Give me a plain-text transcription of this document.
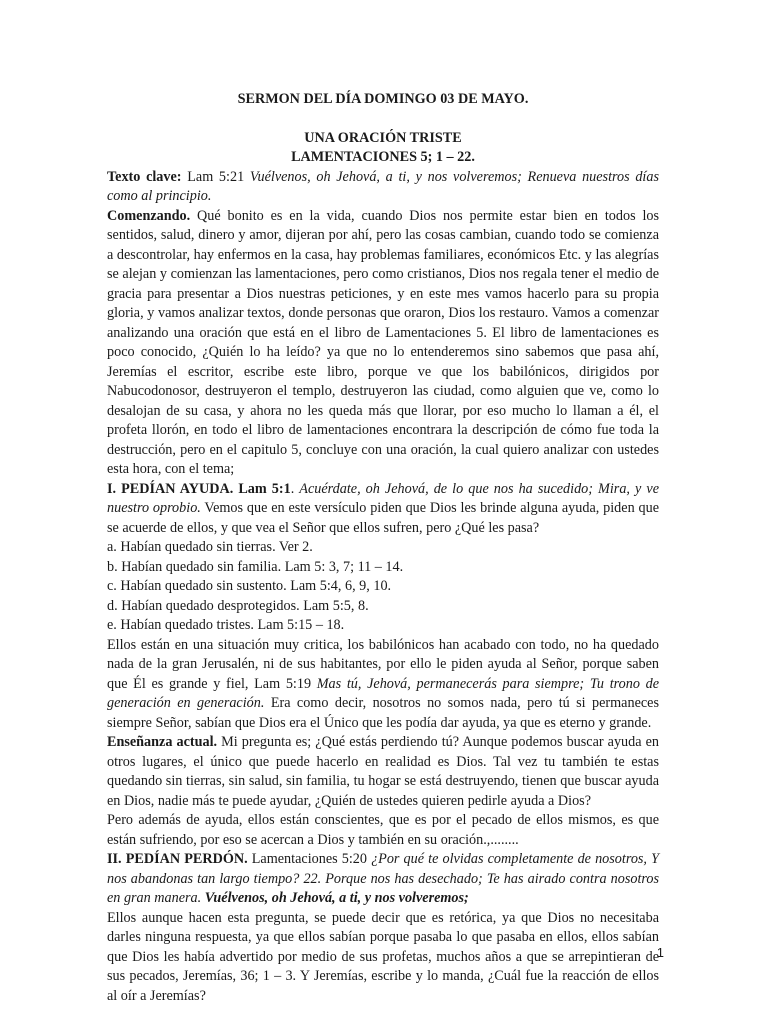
SERMON DEL DÍA DOMINGO 03 DE MAYO.
UNA ORACIÓN TRISTE
LAMENTACIONES 5; 1 – 22.

Texto clave: Lam 5:21 Vuélvenos, oh Jehová, a ti, y nos volveremos; Renueva nuestros días como al principio.

Comenzando. Qué bonito es en la vida, cuando Dios nos permite estar bien en todos los sentidos, salud, dinero y amor, dijeran por ahí, pero las cosas cambian, cuando todo se comienza a descontrolar, hay enfermos en la casa, hay problemas familiares, económicos Etc. y las alegrías se alejan y comienzan las lamentaciones, pero como cristianos, Dios nos regala tener el medio de gracia para presentar a Dios nuestras peticiones, y en este mes vamos hacerlo para su propia gloria, y vamos analizar textos, donde personas que oraron, Dios los restauro. Vamos a comenzar analizando una oración que está en el libro de Lamentaciones 5. El libro de lamentaciones es poco conocido, ¿Quién lo ha leído? ya que no lo entenderemos sino sabemos que pasa ahí, Jeremías el escritor, escribe este libro, porque ve que los babilónicos, dirigidos por Nabucodonosor, destruyeron el templo, destruyeron las ciudad, como alguien que ve, como lo desalojan de su casa, y ahora no les queda más que llorar, por eso mucho lo llaman a él, el profeta llorón, en todo el libro de lamentaciones encontrara la descripción de cómo fue toda la destrucción, pero en el capitulo 5, concluye con una oración, la cual quiero analizar con ustedes esta hora, con el tema;

I. PEDÍAN AYUDA. Lam 5:1. Acuérdate, oh Jehová, de lo que nos ha sucedido; Mira, y ve nuestro oprobio. Vemos que en este versículo piden que Dios les brinde alguna ayuda, piden que se acuerde de ellos, y que vea el Señor que ellos sufren, pero ¿Qué les pasa?

a. Habían quedado sin tierras. Ver 2.
b. Habían quedado sin familia. Lam 5: 3, 7; 11 – 14.
c. Habían quedado sin sustento. Lam 5:4, 6, 9, 10.
d. Habían quedado desprotegidos. Lam 5:5, 8.
e. Habían quedado tristes. Lam 5:15 – 18.

Ellos están en una situación muy critica, los babilónicos han acabado con todo, no ha quedado nada de la gran Jerusalén, ni de sus habitantes, por ello le piden ayuda al Señor, porque saben que Él es grande y fiel, Lam 5:19 Mas tú, Jehová, permanecerás para siempre; Tu trono de generación en generación. Era como decir, nosotros no somos nada, pero tú si permaneces siempre Señor, sabían que Dios era el Único que les podía dar ayuda, ya que es eterno y grande.

Enseñanza actual. Mi pregunta es; ¿Qué estás perdiendo tú? Aunque podemos buscar ayuda en otros lugares, el único que puede hacerlo en realidad es Dios. Tal vez tu también te estas quedando sin tierras, sin salud, sin familia, tu hogar se está destruyendo, tienen que buscar ayuda en Dios, nadie más te puede ayudar, ¿Quién de ustedes quieren pedirle ayuda a Dios?

Pero además de ayuda, ellos están conscientes, que es por el pecado de ellos mismos, es que están sufriendo, por eso se acercan a Dios y también en su oración.,........

II. PEDÍAN PERDÓN. Lamentaciones 5:20 ¿Por qué te olvidas completamente de nosotros, Y nos abandonas tan largo tiempo? 22. Porque nos has desechado; Te has airado contra nosotros en gran manera. Vuélvenos, oh Jehová, a ti, y nos volveremos;

Ellos aunque hacen esta pregunta, se puede decir que es retórica, ya que Dios no necesitaba darles ninguna respuesta, ya que ellos sabían porque pasaba lo que pasaba en ellos, ellos sabían que Dios les había advertido por medio de sus profetas, muchos años a que se arrepintieran de sus pecados, Jeremías, 36; 1 – 3. Y Jeremías, escribe y lo manda, ¿Cuál fue la reacción de ellos al oír a Jeremías?

1
